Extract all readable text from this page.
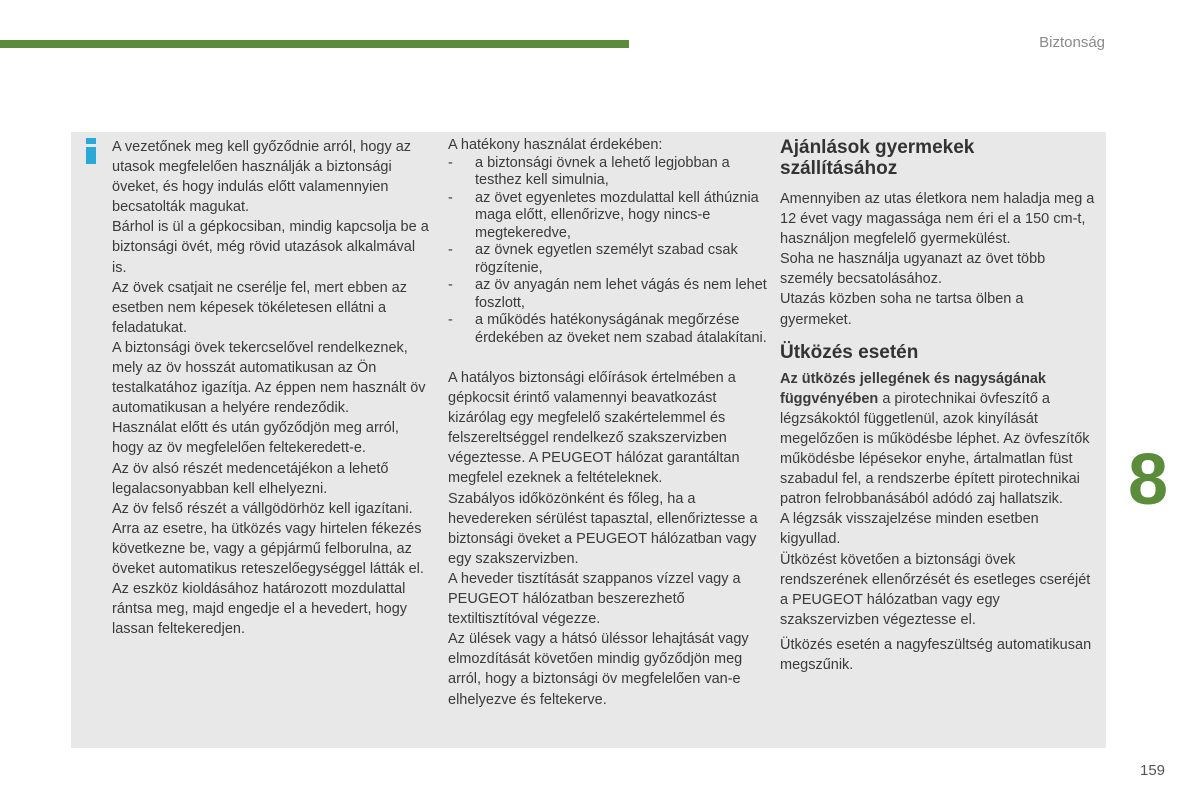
Biztonság

A vezetőnek meg kell győződnie arról, hogy az utasok megfelelően használják a biztonsági öveket, és hogy indulás előtt valamennyien becsatolták magukat.

Bárhol is ül a gépkocsiban, mindig kapcsolja be a biztonsági övét, még rövid utazások alkalmával is.

Az övek csatjait ne cserélje fel, mert ebben az esetben nem képesek tökéletesen ellátni a feladatukat.

A biztonsági övek tekercselővel rendelkeznek, mely az öv hosszát automatikusan az Ön testalkatához igazítja. Az éppen nem használt öv automatikusan a helyére rendeződik.

Használat előtt és után győződjön meg arról, hogy az öv megfelelően feltekeredett-e.

Az öv alsó részét medencetájékon a lehető legalacsonyabban kell elhelyezni.

Az öv felső részét a vállgödörhöz kell igazítani.

Arra az esetre, ha ütközés vagy hirtelen fékezés következne be, vagy a gépjármű felborulna, az öveket automatikus reteszelőegységgel látták el. Az eszköz kioldásához határozott mozdulattal rántsa meg, majd engedje el a hevedert, hogy lassan feltekeredjen.

A hatékony használat érdekében:

- a biztonsági övnek a lehető legjobban a testhez kell simulnia,
- az övet egyenletes mozdulattal kell áthúznia maga előtt, ellenőrizve, hogy nincs-e megtekeredve,
- az övnek egyetlen személyt szabad csak rögzítenie,
- az öv anyagán nem lehet vágás és nem lehet foszlott,
- a működés hatékonyságának megőrzése érdekében az öveket nem szabad átalakítani.

A hatályos biztonsági előírások értelmében a gépkocsit érintő valamennyi beavatkozást kizárólag egy megfelelő szakértelemmel és felszereltséggel rendelkező szakszervizben végeztesse. A PEUGEOT hálózat garantáltan megfelel ezeknek a feltételeknek.

Szabályos időközönként és főleg, ha a hevedereken sérülést tapasztal, ellenőriztesse a biztonsági öveket a PEUGEOT hálózatban vagy egy szakszervizben.

A heveder tisztítását szappanos vízzel vagy a PEUGEOT hálózatban beszerezhető textiltisztítóval végezze.

Az ülések vagy a hátsó üléssor lehajtását vagy elmozdítását követően mindig győződjön meg arról, hogy a biztonsági öv megfelelően van-e elhelyezve és feltekerve.

Ajánlások gyermekek szállításához

Amennyiben az utas életkora nem haladja meg a 12 évet vagy magassága nem éri el a 150 cm-t, használjon megfelelő gyermekülést.

Soha ne használja ugyanazt az övet több személy becsatolásához.

Utazás közben soha ne tartsa ölben a gyermeket.

Ütközés esetén

Az ütközés jellegének és nagyságának függvényében a pirotechnikai övfeszítő a légzsákoktól függetlenül, azok kinyílását megelőzően is működésbe léphet. Az övfeszítők működésbe lépésekor enyhe, ártalmatlan füst szabadul fel, a rendszerbe épített pirotechnikai patron felrobbanásából adódó zaj hallatszik.

A légzsák visszajelzése minden esetben kigyullad.

Ütközést követően a biztonsági övek rendszerének ellenőrzését és esetleges cseréjét a PEUGEOT hálózatban vagy egy szakszervizben végeztesse el.

Ütközés esetén a nagyfeszültség automatikusan megszűnik.

8
159
